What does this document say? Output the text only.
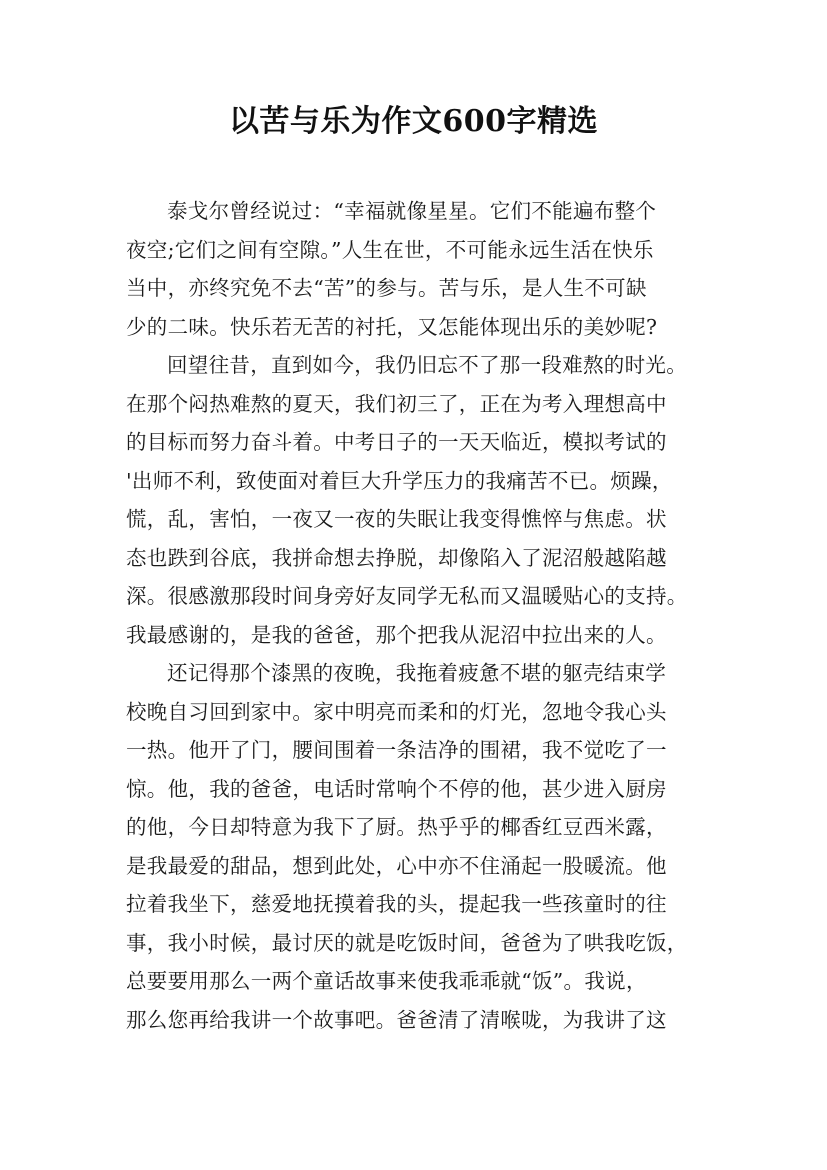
以苦与乐为作文600字精选
泰戈尔曾经说过：“幸福就像星星。它们不能遍布整个
夜空;它们之间有空隙。”人生在世，不可能永远生活在快乐
当中，亦终究免不去“苦”的参与。苦与乐，是人生不可缺
少的二味。快乐若无苦的衬托，又怎能体现出乐的美妙呢?
回望往昔，直到如今，我仍旧忘不了那一段难熬的时光。
在那个闷热难熬的夏天，我们初三了，正在为考入理想高中
的目标而努力奋斗着。中考日子的一天天临近，模拟考试的
'出师不利，致使面对着巨大升学压力的我痛苦不已。烦躁，
慌，乱，害怕，一夜又一夜的失眠让我变得憔悴与焦虑。状
态也跌到谷底，我拼命想去挣脱，却像陷入了泥沼般越陷越
深。很感激那段时间身旁好友同学无私而又温暖贴心的支持。
我最感谢的，是我的爸爸，那个把我从泥沼中拉出来的人。
还记得那个漆黑的夜晚，我拖着疲惫不堪的躯壳结束学
校晚自习回到家中。家中明亮而柔和的灯光，忽地令我心头
一热。他开了门，腰间围着一条洁净的围裙，我不觉吃了一
惊。他，我的爸爸，电话时常响个不停的他，甚少进入厨房
的他，今日却特意为我下了厨。热乎乎的椰香红豆西米露，
是我最爱的甜品，想到此处，心中亦不住涌起一股暖流。他
拉着我坐下，慈爱地抚摸着我的头，提起我一些孩童时的往
事，我小时候，最讨厌的就是吃饭时间，爸爸为了哄我吃饭，
总要要用那么一两个童话故事来使我乖乖就“饭”。我说，
那么您再给我讲一个故事吧。爸爸清了清喉咙，为我讲了这
